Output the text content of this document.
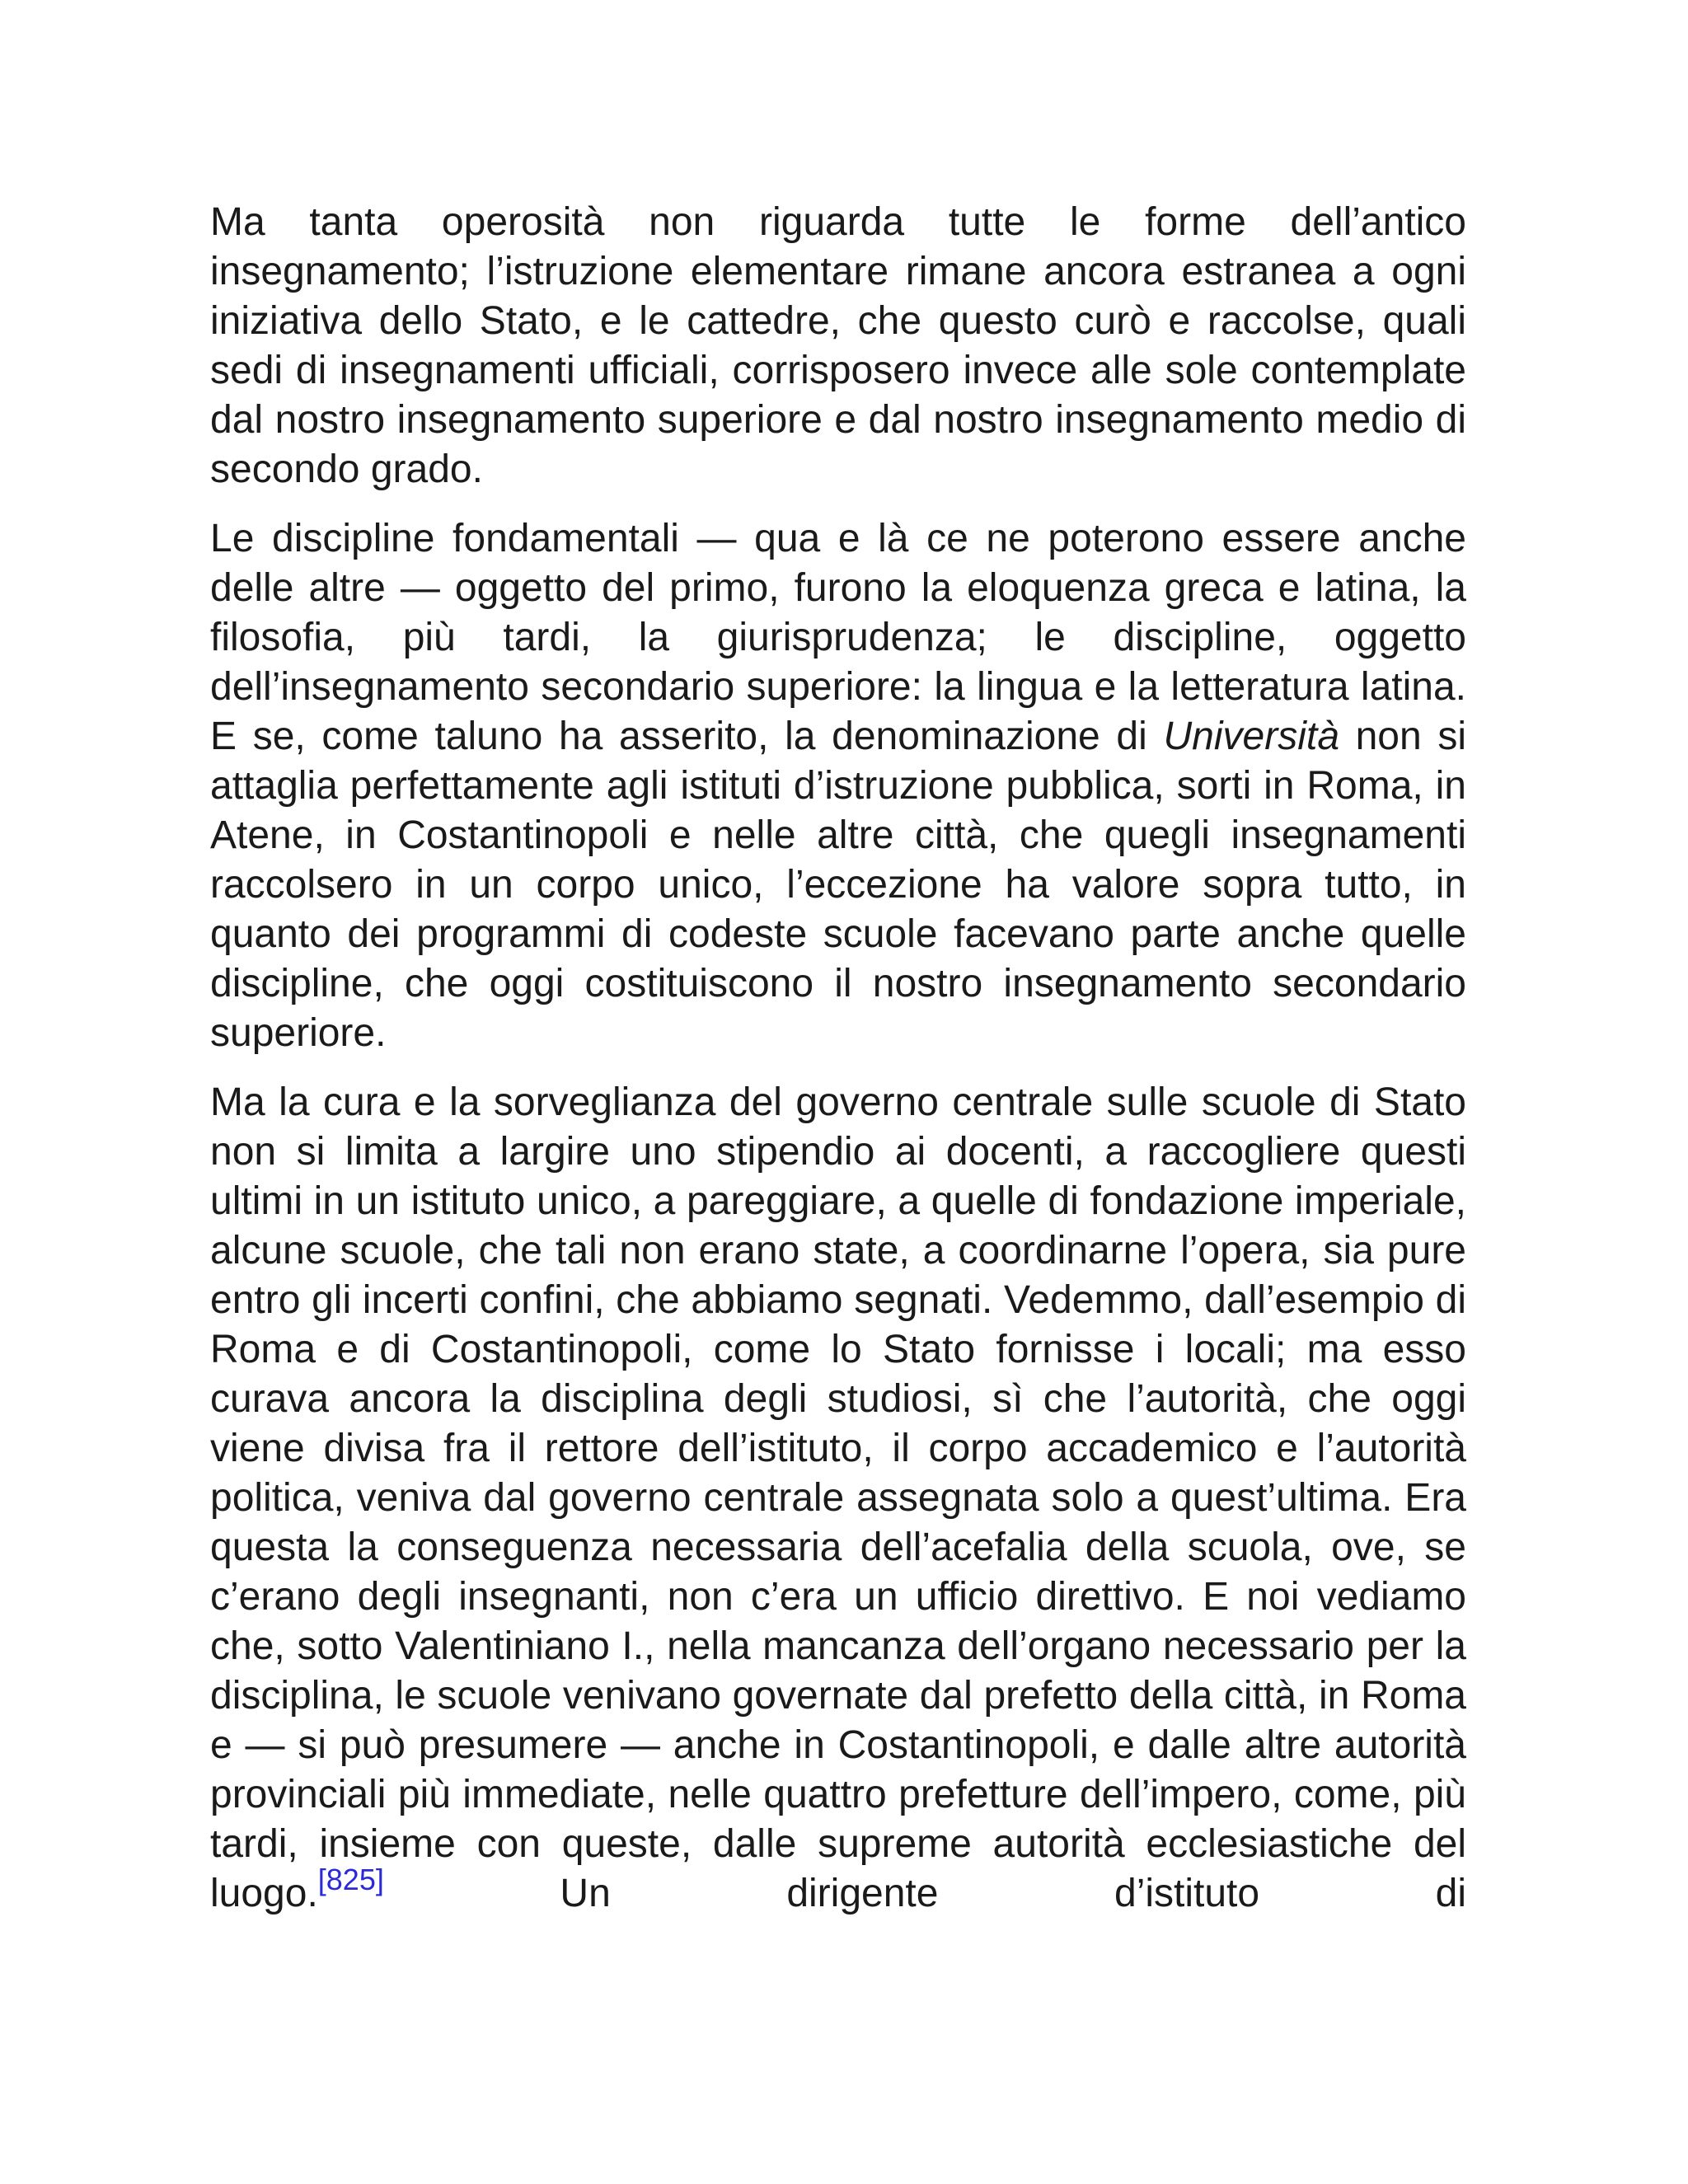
Ma tanta operosità non riguarda tutte le forme dell’antico insegnamento; l’istruzione elementare rimane ancora estranea a ogni iniziativa dello Stato, e le cattedre, che questo curò e raccolse, quali sedi di insegnamenti ufficiali, corrisposero invece alle sole contemplate dal nostro insegnamento superiore e dal nostro insegnamento medio di secondo grado.

Le discipline fondamentali — qua e là ce ne poterono essere anche delle altre — oggetto del primo, furono la eloquenza greca e latina, la filosofia, più tardi, la giurisprudenza; le discipline, oggetto dell’insegnamento secondario superiore: la lingua e la letteratura latina. E se, come taluno ha asserito, la denominazione di Università non si attaglia perfettamente agli istituti d’istruzione pubblica, sorti in Roma, in Atene, in Costantinopoli e nelle altre città, che quegli insegnamenti raccolsero in un corpo unico, l’eccezione ha valore sopra tutto, in quanto dei programmi di codeste scuole facevano parte anche quelle discipline, che oggi costituiscono il nostro insegnamento secondario superiore.

Ma la cura e la sorveglianza del governo centrale sulle scuole di Stato non si limita a largire uno stipendio ai docenti, a raccogliere questi ultimi in un istituto unico, a pareggiare, a quelle di fondazione imperiale, alcune scuole, che tali non erano state, a coordinarne l’opera, sia pure entro gli incerti confini, che abbiamo segnati. Vedemmo, dall’esempio di Roma e di Costantinopoli, come lo Stato fornisse i locali; ma esso curava ancora la disciplina degli studiosi, sì che l’autorità, che oggi viene divisa fra il rettore dell’istituto, il corpo accademico e l’autorità politica, veniva dal governo centrale assegnata solo a quest’ultima. Era questa la conseguenza necessaria dell’acefalia della scuola, ove, se c’erano degli insegnanti, non c’era un ufficio direttivo. E noi vediamo che, sotto Valentiniano I., nella mancanza dell’organo necessario per la disciplina, le scuole venivano governate dal prefetto della città, in Roma e — si può presumere — anche in Costantinopoli, e dalle altre autorità provinciali più immediate, nelle quattro prefetture dell’impero, come, più tardi, insieme con queste, dalle supreme autorità ecclesiastiche del luogo.[825] Un dirigente d’istituto di
